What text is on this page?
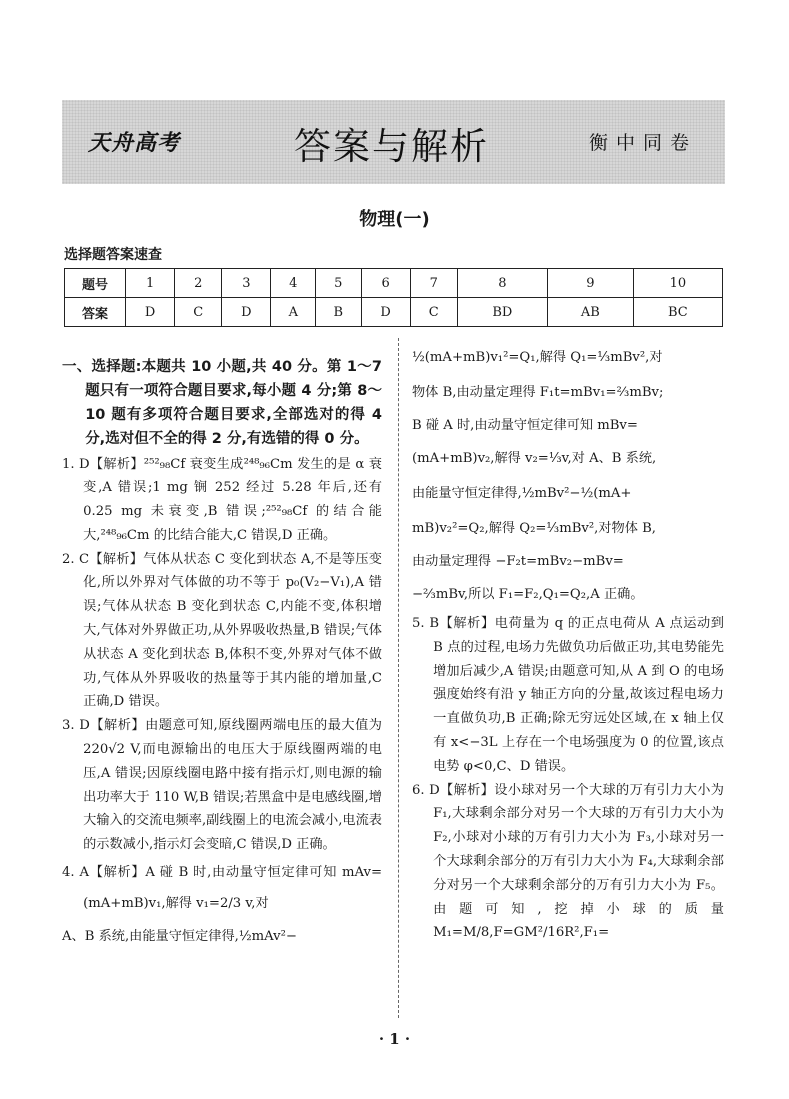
天舟高考	答案与解析	衡中同卷
物理(一)
选择题答案速查
题号	1	2	3	4	5	6	7	8	9	10
答案	D	C	D	A	B	D	C	BD	AB	BC

一、选择题:本题共 10 小题,共 40 分。第 1～7 题只有一项符合题目要求,每小题 4 分;第 8～10 题有多项符合题目要求,全部选对的得 4 分,选对但不全的得 2 分,有选错的得 0 分。

1. D【解析】²⁵²₉₈Cf 衰变生成²⁴⁸₉₆Cm 发生的是 α 衰变,A 错误;1 mg 锎 252 经过 5.28 年后,还有 0.25 mg 未衰变,B 错误;²⁵²₉₈Cf 的结合能大,²⁴⁸₉₆Cm 的比结合能大,C 错误,D 正确。

2. C【解析】气体从状态 C 变化到状态 A,不是等压变化,所以外界对气体做的功不等于 p₀(V₂−V₁),A 错误;气体从状态 B 变化到状态 C,内能不变,体积增大,气体对外界做正功,从外界吸收热量,B 错误;气体从状态 A 变化到状态 B,体积不变,外界对气体不做功,气体从外界吸收的热量等于其内能的增加量,C 正确,D 错误。

3. D【解析】由题意可知,原线圈两端电压的最大值为 220√2 V,而电源输出的电压大于原线圈两端的电压,A 错误;因原线圈电路中接有指示灯,则电源的输出功率大于 110 W,B 错误;若黑盒中是电感线圈,增大输入的交流电频率,副线圈上的电流会减小,电流表的示数减小,指示灯会变暗,C 错误,D 正确。

4. A【解析】A 碰 B 时,由动量守恒定律可知 mAv=(mA+mB)v₁,解得 v₁=2/3 v,对

A、B 系统,由能量守恒定律得,½mAv²−

½(mA+mB)v₁²=Q₁,解得 Q₁=⅓mBv²,对

物体 B,由动量定理得 F₁t=mBv₁=⅔mBv;

B 碰 A 时,由动量守恒定律可知 mBv=

(mA+mB)v₂,解得 v₂=⅓v,对 A、B 系统,

由能量守恒定律得,½mBv²−½(mA+

mB)v₂²=Q₂,解得 Q₂=⅓mBv²,对物体 B,

由动量定理得 −F₂t=mBv₂−mBv=

−⅔mBv,所以 F₁=F₂,Q₁=Q₂,A 正确。

5. B【解析】电荷量为 q 的正点电荷从 A 点运动到 B 点的过程,电场力先做负功后做正功,其电势能先增加后减少,A 错误;由题意可知,从 A 到 O 的电场强度始终有沿 y 轴正方向的分量,故该过程电场力一直做负功,B 正确;除无穷远处区域,在 x 轴上仅有 x<−3L 上存在一个电场强度为 0 的位置,该点电势 φ<0,C、D 错误。

6. D【解析】设小球对另一个大球的万有引力大小为 F₁,大球剩余部分对另一个大球的万有引力大小为 F₂,小球对小球的万有引力大小为 F₃,小球对另一个大球剩余部分的万有引力大小为 F₄,大球剩余部分对另一个大球剩余部分的万有引力大小为 F₅。由题可知,挖掉小球的质量 M₁=M/8,F=GM²/16R²,F₁=

· 1 ·
